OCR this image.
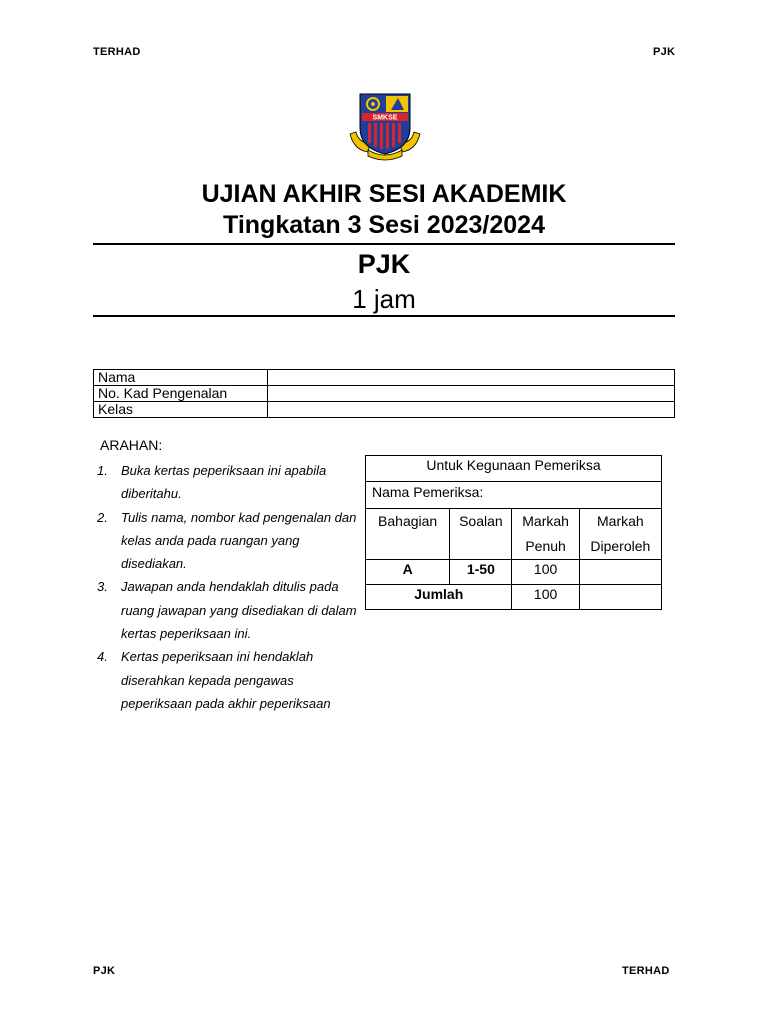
TERHAD	PJK
SMKSE
UJIAN AKHIR SESI AKADEMIK
Tingkatan 3 Sesi 2023/2024
PJK
1 jam
Nama	
No. Kad Pengenalan	
Kelas	
ARAHAN:
1. Buka kertas peperiksaan ini apabila diberitahu.
2. Tulis nama, nombor kad pengenalan dan kelas anda pada ruangan yang disediakan.
3. Jawapan anda hendaklah ditulis pada ruang jawapan yang disediakan di dalam kertas peperiksaan ini.
4. Kertas peperiksaan ini hendaklah diserahkan kepada pengawas peperiksaan pada akhir peperiksaan
Untuk Kegunaan Pemeriksa			
Nama Pemeriksa:			
Bahagian	Soalan	Markah Penuh	Markah Diperoleh
A	1-50	100	
Jumlah		100	
PJK	TERHAD
